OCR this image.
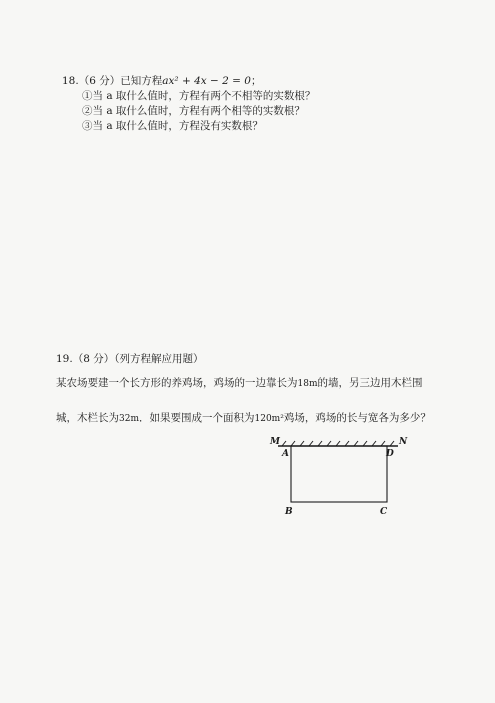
18.（6 分）已知方程ax² + 4x − 2 = 0；
①当 a 取什么值时，方程有两个不相等的实数根？
②当 a 取什么值时，方程有两个相等的实数根？
③当 a 取什么值时，方程没有实数根？
19.（8 分）（列方程解应用题）
某农场要建一个长方形的养鸡场，鸡场的一边靠长为18m的墙，另三边用木栏围
城，木栏长为32m．如果要围成一个面积为120m²鸡场，鸡场的长与宽各为多少？
M	N
A	D
B	C
